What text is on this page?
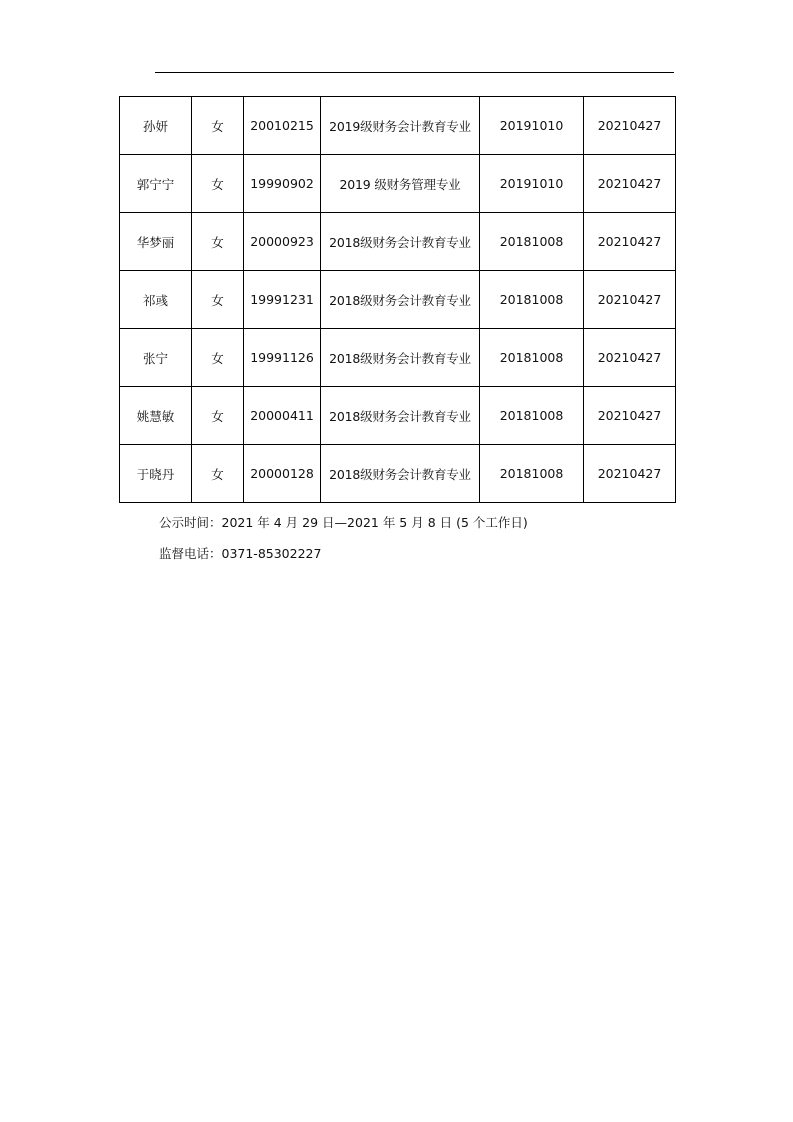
孙妍	女	20010215	2019级财务会计教育专业	20191010	20210427
郭宁宁	女	19990902	2019 级财务管理专业	20191010	20210427
华梦丽	女	20000923	2018级财务会计教育专业	20181008	20210427
祁彧	女	19991231	2018级财务会计教育专业	20181008	20210427
张宁	女	19991126	2018级财务会计教育专业	20181008	20210427
姚慧敏	女	20000411	2018级财务会计教育专业	20181008	20210427
于晓丹	女	20000128	2018级财务会计教育专业	20181008	20210427
公示时间：2021 年 4 月 29 日—2021 年 5 月 8 日 (5 个工作日)
监督电话：0371-85302227
